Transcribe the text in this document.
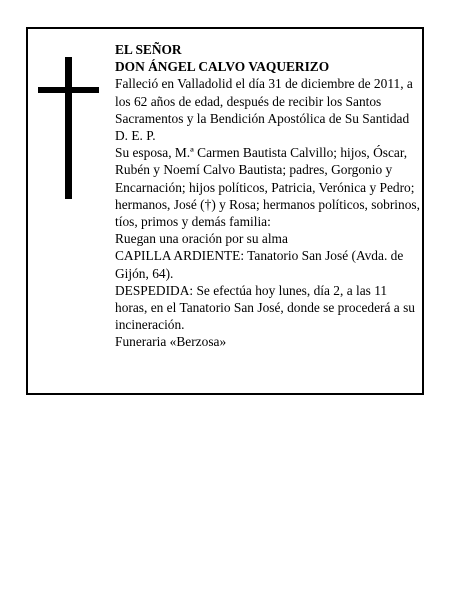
EL SEÑOR

DON ÁNGEL CALVO VAQUERIZO

Falleció en Valladolid el día 31 de diciembre de 2011, a los 62 años de edad, después de recibir los Santos Sacramentos y la Bendición Apostólica de Su Santidad D. E. P.

Su esposa, M.ª Carmen Bautista Calvillo; hijos, Óscar, Rubén y Noemí Calvo Bautista; padres, Gorgonio y Encarnación; hijos políticos, Patricia, Verónica y Pedro; hermanos, José (†) y Rosa; hermanos políticos, sobrinos, tíos, primos y demás familia:

Ruegan una oración por su alma

CAPILLA ARDIENTE: Tanatorio San José (Avda. de Gijón, 64).

DESPEDIDA: Se efectúa hoy lunes, día 2, a las 11 horas, en el Tanatorio San José, donde se procederá a su incineración.

Funeraria «Berzosa»
